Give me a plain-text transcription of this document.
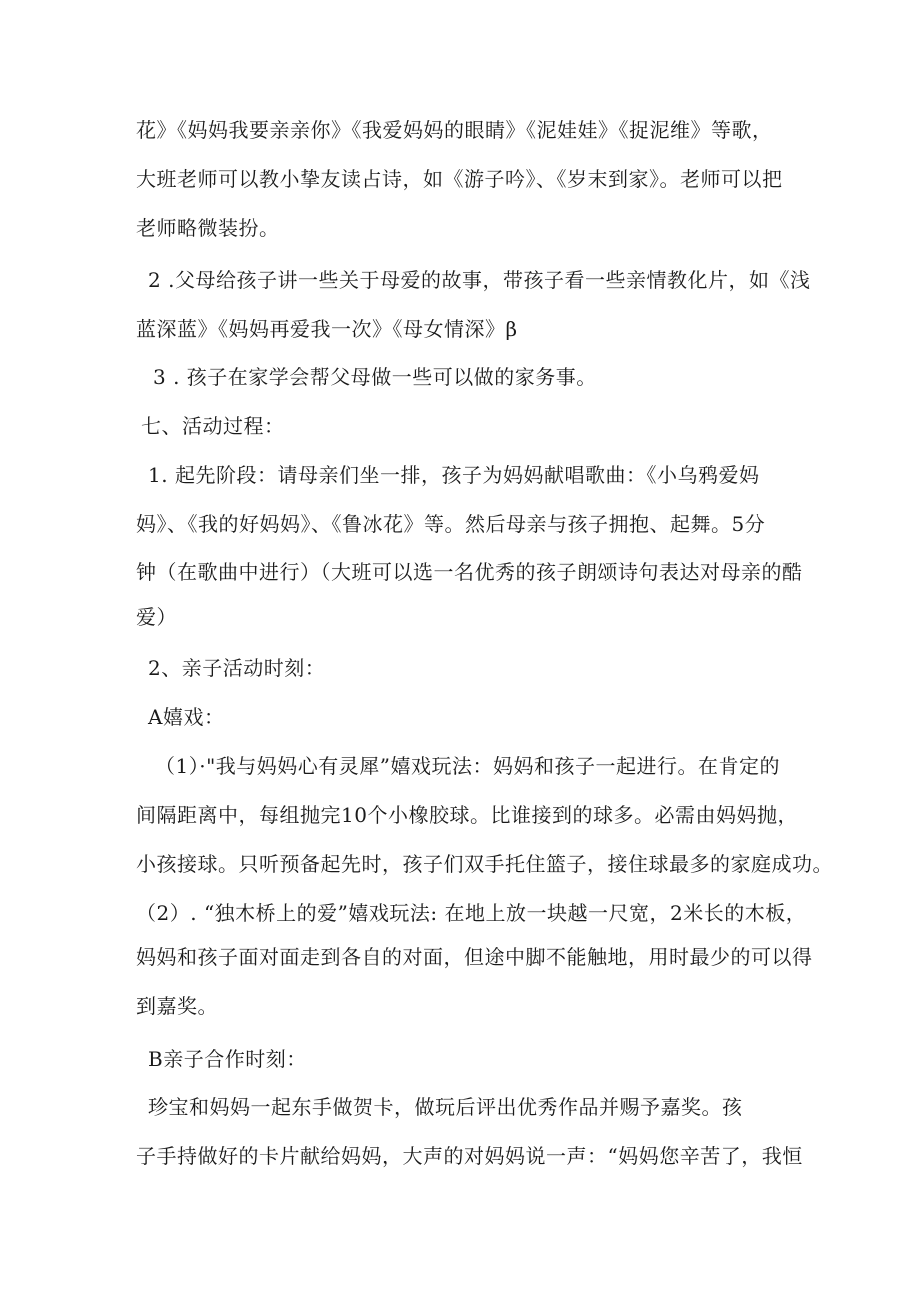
花》《妈妈我要亲亲你》《我爱妈妈的眼睛》《泥娃娃》《捉泥维》等歌，
大班老师可以教小挚友读占诗，如《游子吟》、《岁末到家》。老师可以把
老师略微装扮。
2 .父母给孩子讲一些关于母爱的故事，带孩子看一些亲情教化片，如《浅
蓝深蓝》《妈妈再爱我一次》《母女情深》β
3 . 孩子在家学会帮父母做一些可以做的家务事。
七、活动过程：
1. 起先阶段：请母亲们坐一排，孩子为妈妈献唱歌曲：《小乌鸦爱妈
妈》、《我的好妈妈》、《鲁冰花》等。然后母亲与孩子拥抱、起舞。5分
钟（在歌曲中进行）（大班可以选一名优秀的孩子朗颂诗句表达对母亲的酷
爱）
2、亲子活动时刻：
A嬉戏：
（1）·"我与妈妈心有灵犀”嬉戏玩法：妈妈和孩子一起进行。在肯定的
间隔距离中，每组抛完10个小橡胶球。比谁接到的球多。必需由妈妈抛，
小孩接球。只听预备起先时，孩子们双手托住篮子，接住球最多的家庭成功。
（2）. “独木桥上的爱”嬉戏玩法: 在地上放一块越一尺宽，2米长的木板，
妈妈和孩子面对面走到各自的对面，但途中脚不能触地，用时最少的可以得
到嘉奖。
B亲子合作时刻：
珍宝和妈妈一起东手做贺卡，做玩后评出优秀作品并赐予嘉奖。孩
子手持做好的卡片献给妈妈，大声的对妈妈说一声：“妈妈您辛苦了，我恒
